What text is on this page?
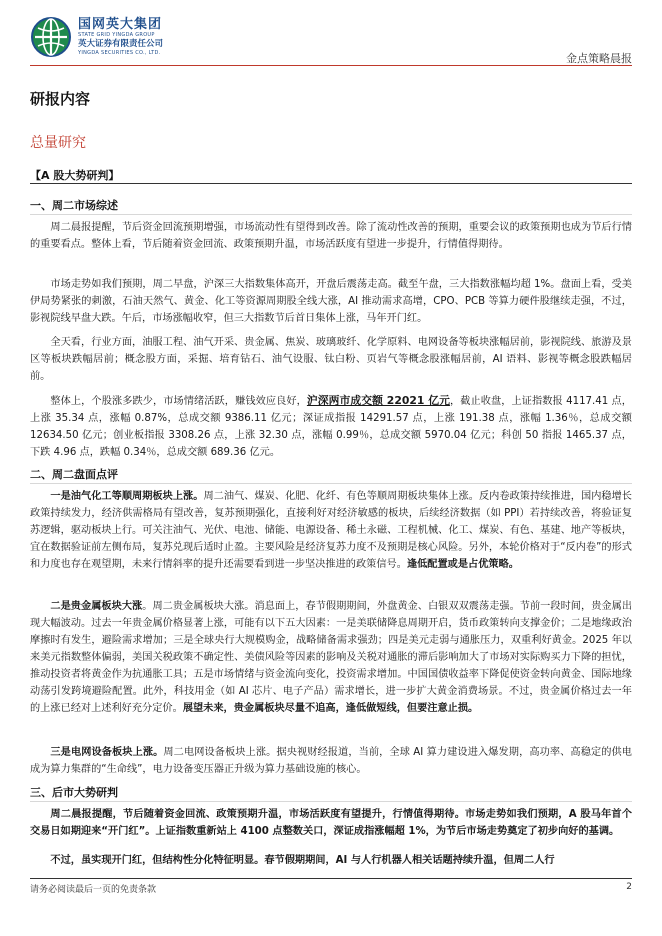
国网英大集团
STATE GRID YINGDA GROUP
英大证券有限责任公司
YINGDA SECURITIES CO., LTD.	金点策略晨报
研报内容
总量研究
【A 股大势研判】
一、周二市场综述
周二晨报提醒，节后资金回流预期增强，市场流动性有望得到改善。除了流动性改善的预期，重要会议的政策预期也成为节后行情的重要看点。整体上看，节后随着资金回流、政策预期升温，市场活跃度有望进一步提升，行情值得期待。
市场走势如我们预期，周二早盘，沪深三大指数集体高开，开盘后震荡走高。截至午盘，三大指数涨幅均超 1%。盘面上看，受美伊局势紧张的刺激，石油天然气、黄金、化工等资源周期股全线大涨，AI 推动需求高增，CPO、PCB 等算力硬件股继续走强，不过，影视院线早盘大跌。午后，市场涨幅收窄，但三大指数节后首日集体上涨，马年开门红。
全天看，行业方面，油服工程、油气开采、贵金属、焦炭、玻璃玻纤、化学原料、电网设备等板块涨幅居前，影视院线、旅游及景区等板块跌幅居前；概念股方面，采掘、培育钻石、油气设服、钛白粉、页岩气等概念股涨幅居前，AI 语料、影视等概念股跌幅居前。
整体上，个股涨多跌少，市场情绪活跃，赚钱效应良好，沪深两市成交额 22021 亿元，截止收盘，上证指数报 4117.41 点，上涨 35.34 点，涨幅 0.87%，总成交额 9386.11 亿元；深证成指报 14291.57 点，上涨 191.38 点，涨幅 1.36％，总成交额 12634.50 亿元；创业板指报 3308.26 点，上涨 32.30 点，涨幅 0.99％，总成交额 5970.04 亿元；科创 50 指报 1465.37 点，下跌 4.96 点，跌幅 0.34％，总成交额 689.36 亿元。
二、周二盘面点评
一是油气化工等顺周期板块上涨。周二油气、煤炭、化肥、化纤、有色等顺周期板块集体上涨。反内卷政策持续推进，国内稳增长政策持续发力，经济供需格局有望改善，复苏预期强化，直接利好对经济敏感的板块，后续经济数据（如 PPI）若持续改善，将验证复苏逻辑，驱动板块上行。可关注油气、光伏、电池、储能、电源设备、稀土永磁、工程机械、化工、煤炭、有色、基建、地产等板块，宜在数据验证前左侧布局，复苏兑现后适时止盈。主要风险是经济复苏力度不及预期是核心风险。另外，本轮价格对于“反内卷”的形式和力度也存在观望期，未来行情斜率的提升还需要看到进一步坚决推进的政策信号。逢低配置或是占优策略。
二是贵金属板块大涨。周二贵金属板块大涨。消息面上，春节假期期间，外盘黄金、白银双双震荡走强。节前一段时间，贵金属出现大幅波动。过去一年贵金属价格显著上涨，可能有以下五大因素：一是美联储降息周期开启，货币政策转向支撑金价；二是地缘政治摩擦时有发生，避险需求增加；三是全球央行大规模购金，战略储备需求强劲；四是美元走弱与通胀压力，双重利好黄金。2025 年以来美元指数整体偏弱，美国关税政策不确定性、美债风险等因素的影响及关税对通胀的滞后影响加大了市场对实际购买力下降的担忧，推动投资者将黄金作为抗通胀工具；五是市场情绪与资金流向变化，投资需求增加。中国国债收益率下降促使资金转向黄金、国际地缘动荡引发跨境避险配置。此外，科技用金（如 AI 芯片、电子产品）需求增长，进一步扩大黄金消费场景。不过，贵金属价格过去一年的上涨已经对上述利好充分定价。展望未来，贵金属板块尽量不追高，逢低做短线，但要注意止损。
三是电网设备板块上涨。周二电网设备板块上涨。据央视财经报道，当前，全球 AI 算力建设进入爆发期，高功率、高稳定的供电成为算力集群的“生命线”，电力设备变压器正升级为算力基础设施的核心。
三、后市大势研判
周二晨报提醒，节后随着资金回流、政策预期升温，市场活跃度有望提升，行情值得期待。市场走势如我们预期，A 股马年首个交易日如期迎来“开门红”。上证指数重新站上 4100 点整数关口，深证成指涨幅超 1%，为节后市场走势奠定了初步向好的基调。
不过，虽实现开门红，但结构性分化特征明显。春节假期期间，AI 与人行机器人相关话题持续升温，但周二人行
请务必阅读最后一页的免责条款	2
